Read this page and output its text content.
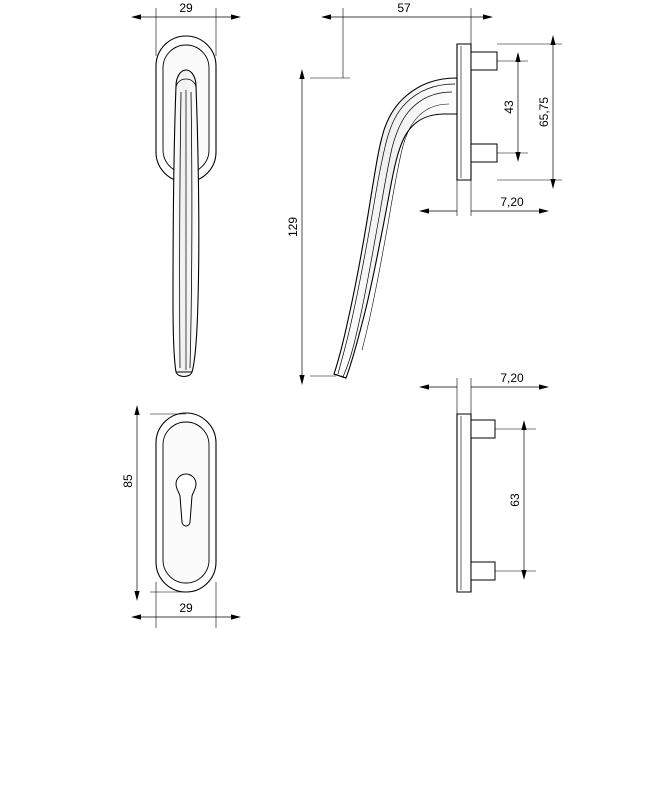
29	57
129
43 65,75
7,20
85
29
7,20
63
